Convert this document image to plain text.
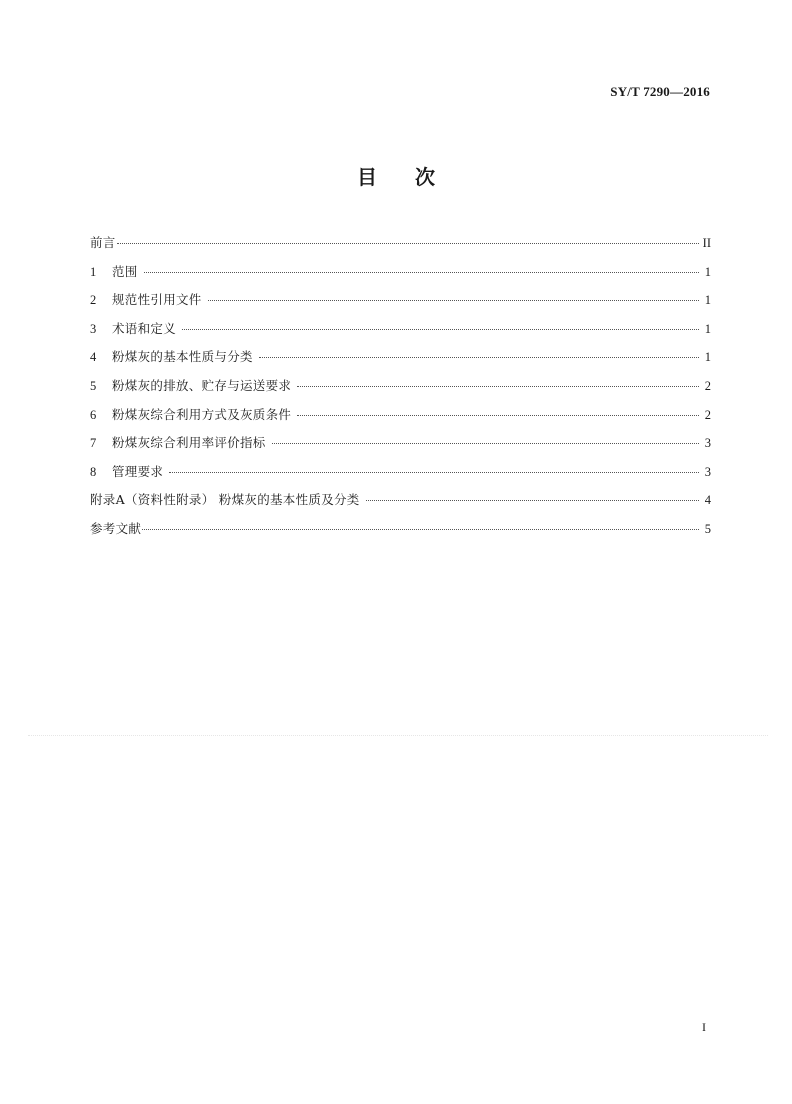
SY/T 7290—2016
目次
前言	II
1	范围	1
2	规范性引用文件	1
3	术语和定义	1
4	粉煤灰的基本性质与分类	1
5	粉煤灰的排放、贮存与运送要求	2
6	粉煤灰综合利用方式及灰质条件	2
7	粉煤灰综合利用率评价指标	3
8	管理要求	3
附录A（资料性附录） 粉煤灰的基本性质及分类	4
参考文献	5
I
